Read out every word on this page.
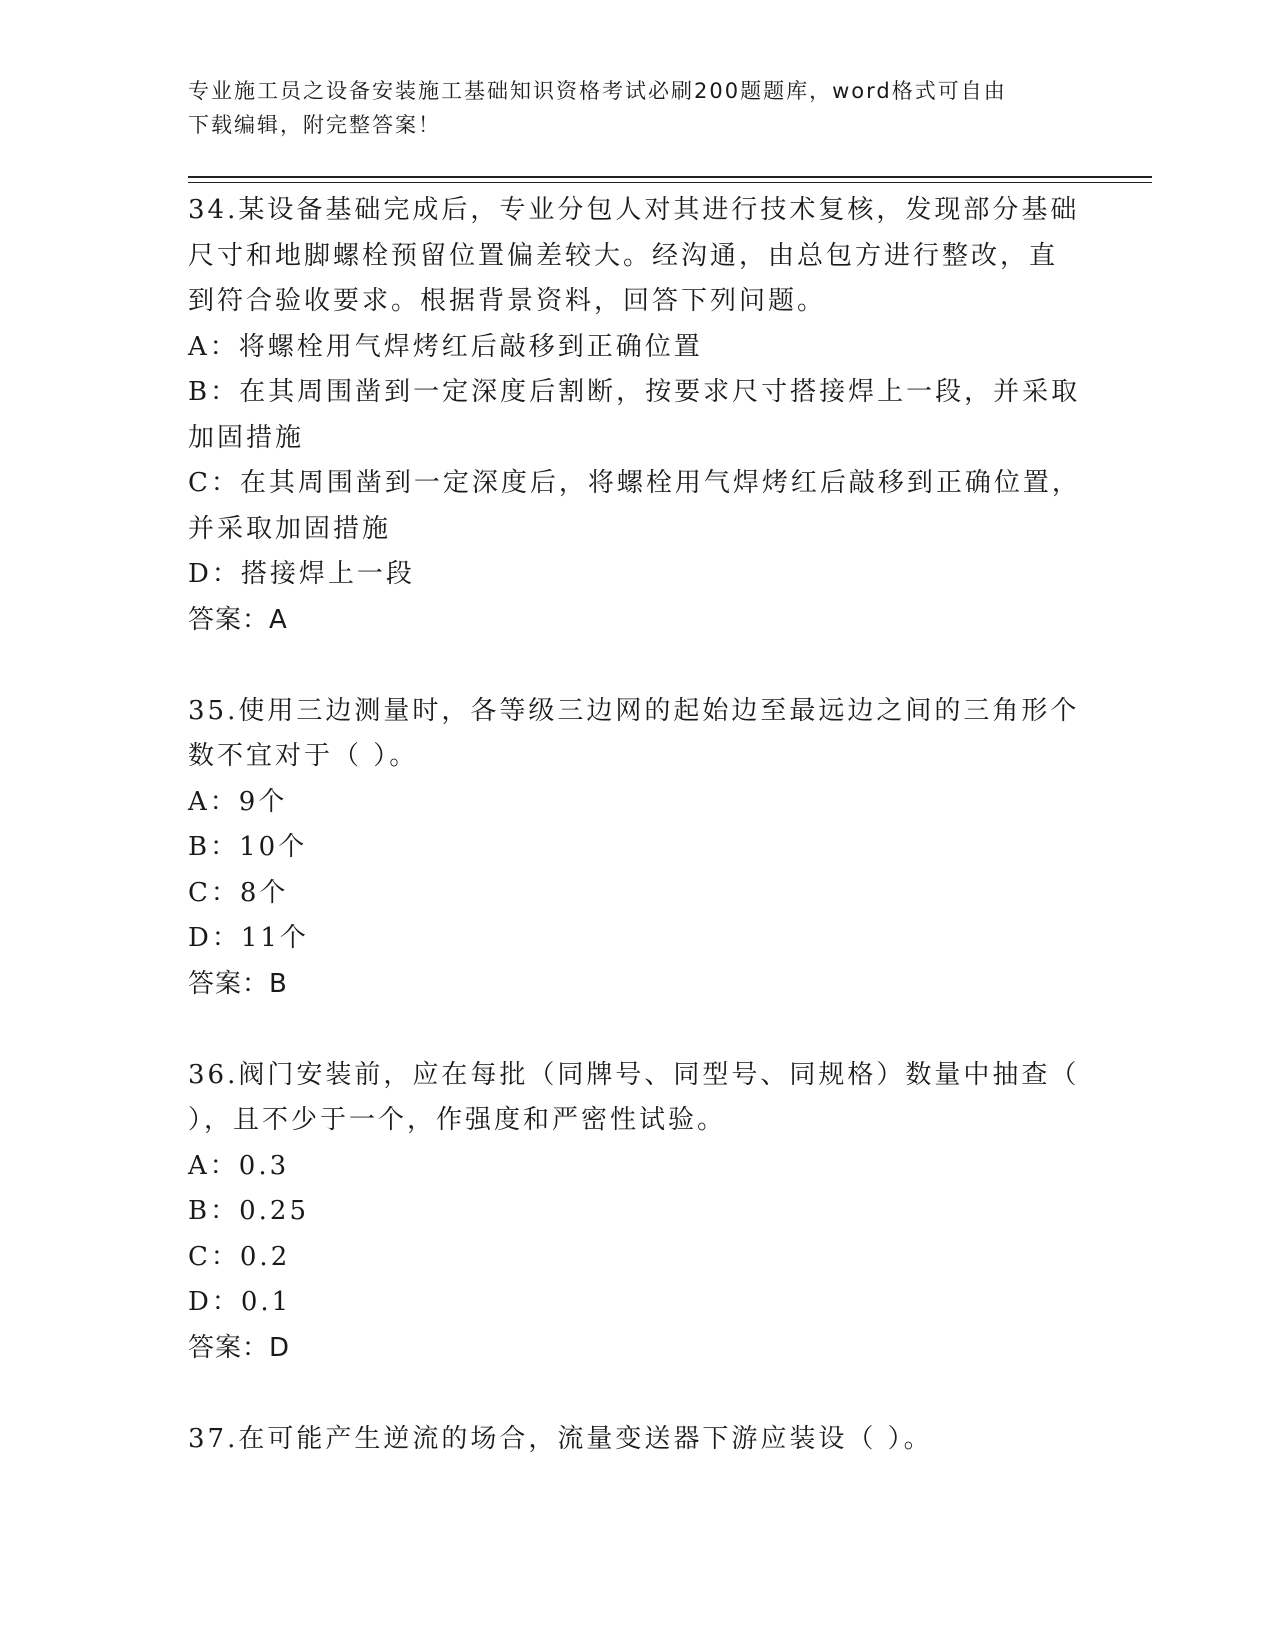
专业施工员之设备安装施工基础知识资格考试必刷200题题库，word格式可自由
下载编辑，附完整答案！
34.某设备基础完成后，专业分包人对其进行技术复核，发现部分基础
尺寸和地脚螺栓预留位置偏差较大。经沟通，由总包方进行整改，直
到符合验收要求。根据背景资料，回答下列问题。
A：将螺栓用气焊烤红后敲移到正确位置
B：在其周围凿到一定深度后割断，按要求尺寸搭接焊上一段，并采取
加固措施
C：在其周围凿到一定深度后，将螺栓用气焊烤红后敲移到正确位置，
并采取加固措施
D：搭接焊上一段
答案：A
35.使用三边测量时，各等级三边网的起始边至最远边之间的三角形个
数不宜对于（ ）。
A：9个
B：10个
C：8个
D：11个
答案：B
36.阀门安装前，应在每批（同牌号、同型号、同规格）数量中抽查（
），且不少于一个，作强度和严密性试验。
A：0.3
B：0.25
C：0.2
D：0.1
答案：D
37.在可能产生逆流的场合，流量变送器下游应装设（ ）。
